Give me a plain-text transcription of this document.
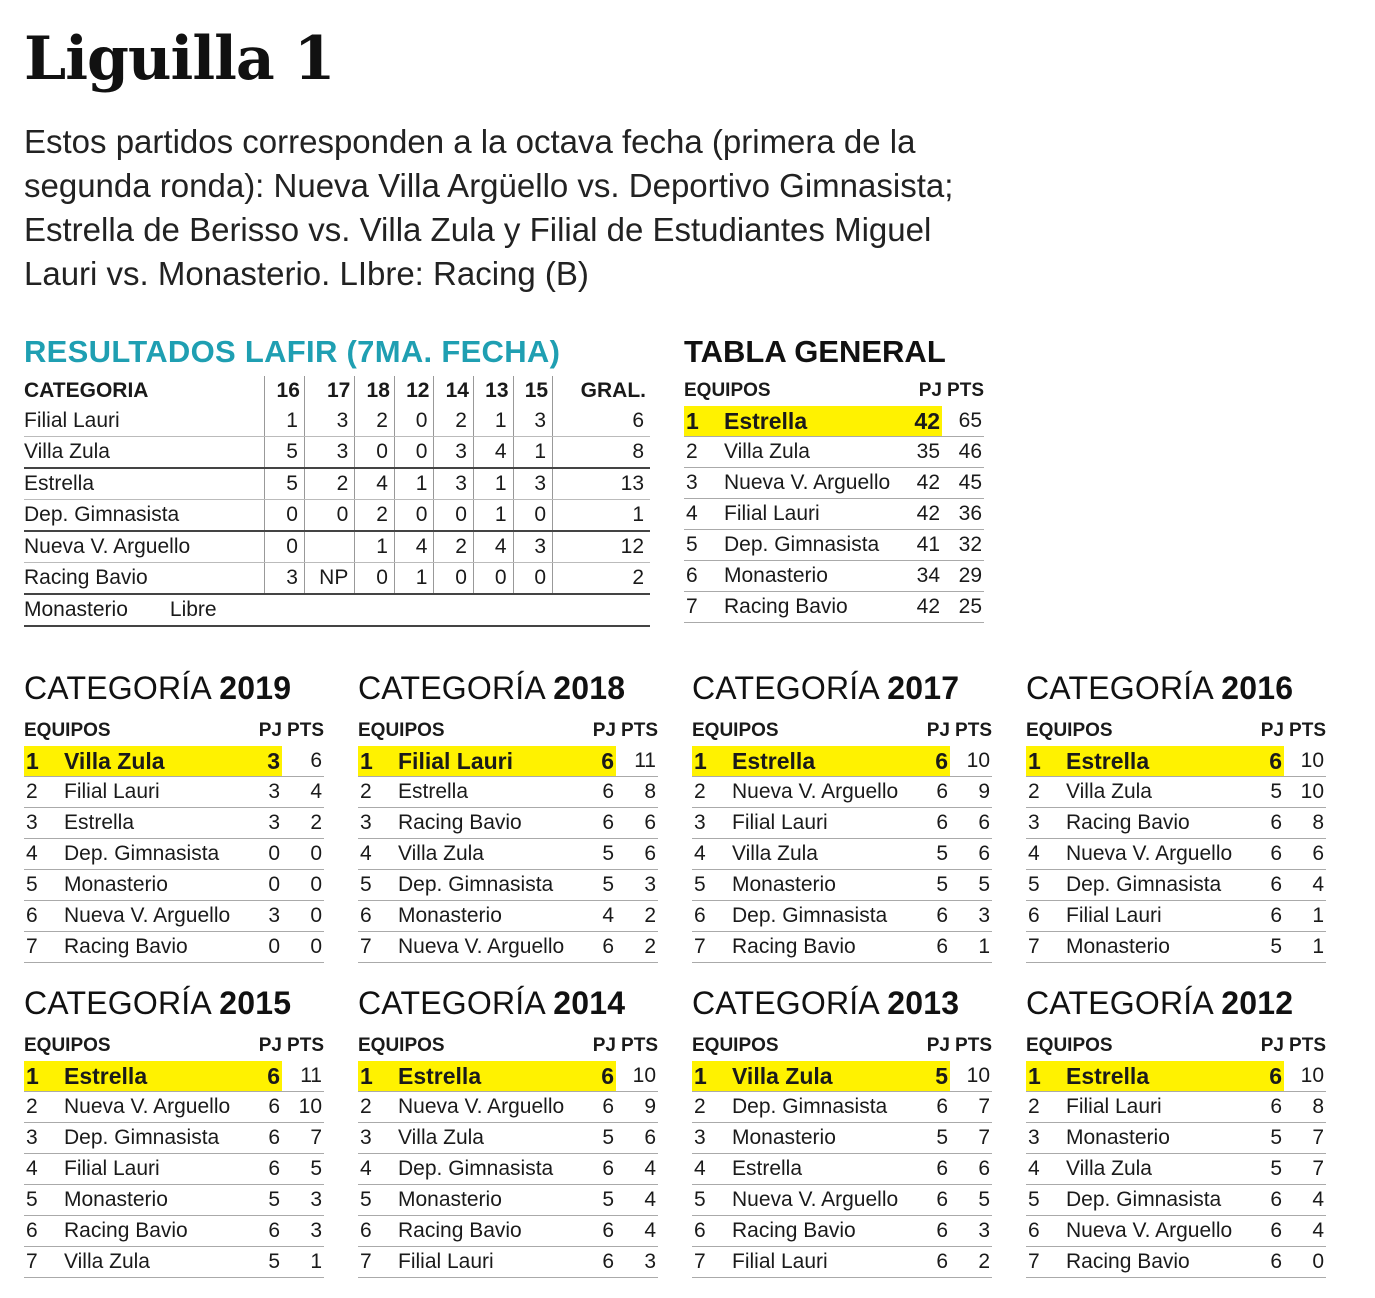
Liguilla 1
Estos partidos corresponden a la octava fecha (primera de la segunda ronda): Nueva Villa Argüello vs. Deportivo Gimnasista; Estrella de Berisso vs. Villa Zula y Filial de Estudiantes Miguel Lauri vs. Monasterio. LIbre: Racing (B)
RESULTADOS LAFIR (7MA. FECHA)
CATEGORIA	16	17	18	12	14	13	15	GRAL.
Filial Lauri	1	3	2	0	2	1	3	6
Villa Zula	5	3	0	0	3	4	1	8
Estrella	5	2	4	1	3	1	3	13
Dep. Gimnasista	0	0	2	0	0	1	0	1
Nueva V. Arguello	0		1	4	2	4	3	12
Racing Bavio	3	NP	0	1	0	0	0	2
Monasterio Libre								
TABLA GENERAL
EQUIPOS		PJ	PTS
1	Estrella	42	65
2	Villa Zula	35	46
3	Nueva V. Arguello	42	45
4	Filial Lauri	42	36
5	Dep. Gimnasista	41	32
6	Monasterio	34	29
7	Racing Bavio	42	25
CATEGORÍA 2019
EQUIPOS		PJ	PTS
1	Villa Zula	3	6
2	Filial Lauri	3	4
3	Estrella	3	2
4	Dep. Gimnasista	0	0
5	Monasterio	0	0
6	Nueva V. Arguello	3	0
7	Racing Bavio	0	0
CATEGORÍA 2018
EQUIPOS		PJ	PTS
1	Filial Lauri	6	11
2	Estrella	6	8
3	Racing Bavio	6	6
4	Villa Zula	5	6
5	Dep. Gimnasista	5	3
6	Monasterio	4	2
7	Nueva V. Arguello	6	2
CATEGORÍA 2017
EQUIPOS		PJ	PTS
1	Estrella	6	10
2	Nueva V. Arguello	6	9
3	Filial Lauri	6	6
4	Villa Zula	5	6
5	Monasterio	5	5
6	Dep. Gimnasista	6	3
7	Racing Bavio	6	1
CATEGORÍA 2016
EQUIPOS		PJ	PTS
1	Estrella	6	10
2	Villa Zula	5	10
3	Racing Bavio	6	8
4	Nueva V. Arguello	6	6
5	Dep. Gimnasista	6	4
6	Filial Lauri	6	1
7	Monasterio	5	1
CATEGORÍA 2015
EQUIPOS		PJ	PTS
1	Estrella	6	11
2	Nueva V. Arguello	6	10
3	Dep. Gimnasista	6	7
4	Filial Lauri	6	5
5	Monasterio	5	3
6	Racing Bavio	6	3
7	Villa Zula	5	1
CATEGORÍA 2014
EQUIPOS		PJ	PTS
1	Estrella	6	10
2	Nueva V. Arguello	6	9
3	Villa Zula	5	6
4	Dep. Gimnasista	6	4
5	Monasterio	5	4
6	Racing Bavio	6	4
7	Filial Lauri	6	3
CATEGORÍA 2013
EQUIPOS		PJ	PTS
1	Villa Zula	5	10
2	Dep. Gimnasista	6	7
3	Monasterio	5	7
4	Estrella	6	6
5	Nueva V. Arguello	6	5
6	Racing Bavio	6	3
7	Filial Lauri	6	2
CATEGORÍA 2012
EQUIPOS		PJ	PTS
1	Estrella	6	10
2	Filial Lauri	6	8
3	Monasterio	5	7
4	Villa Zula	5	7
5	Dep. Gimnasista	6	4
6	Nueva V. Arguello	6	4
7	Racing Bavio	6	0
